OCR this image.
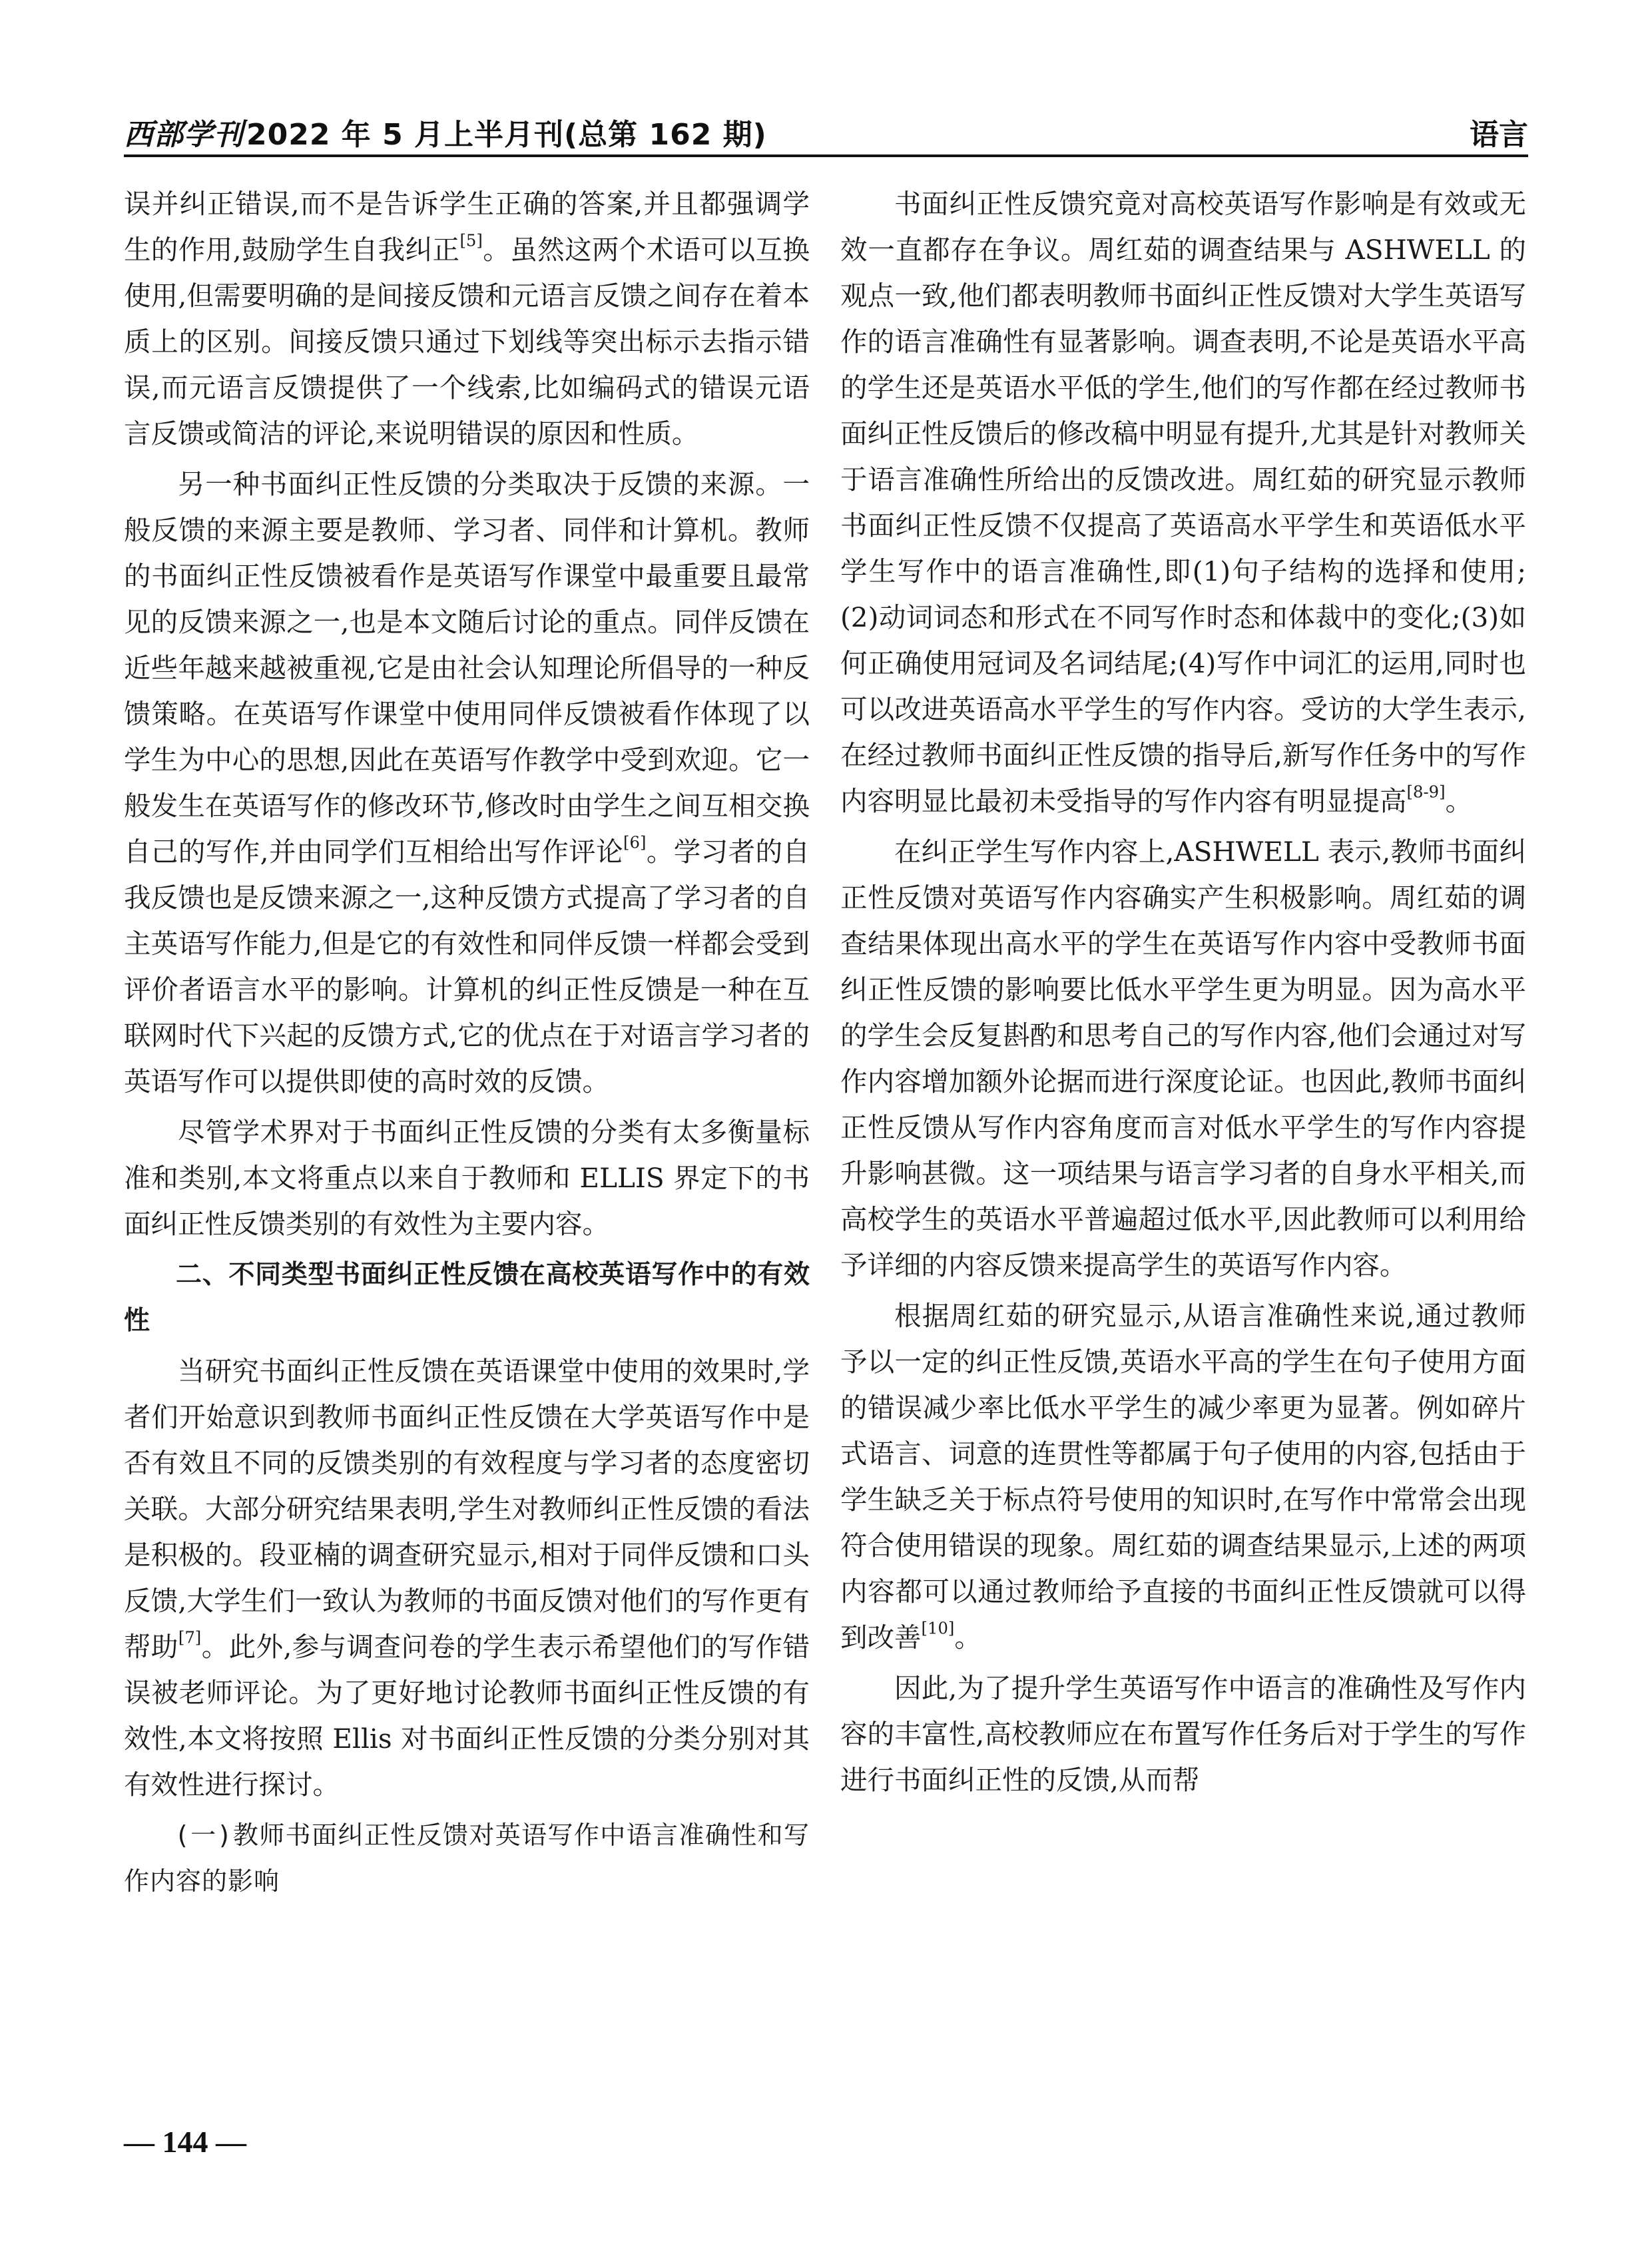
西部学刊2022 年 5 月上半月刊(总第 162 期)	语言

误并纠正错误,而不是告诉学生正确的答案,并且都强调学生的作用,鼓励学生自我纠正[5]。虽然这两个术语可以互换使用,但需要明确的是间接反馈和元语言反馈之间存在着本质上的区别。间接反馈只通过下划线等突出标示去指示错误,而元语言反馈提供了一个线索,比如编码式的错误元语言反馈或简洁的评论,来说明错误的原因和性质。

另一种书面纠正性反馈的分类取决于反馈的来源。一般反馈的来源主要是教师、学习者、同伴和计算机。教师的书面纠正性反馈被看作是英语写作课堂中最重要且最常见的反馈来源之一,也是本文随后讨论的重点。同伴反馈在近些年越来越被重视,它是由社会认知理论所倡导的一种反馈策略。在英语写作课堂中使用同伴反馈被看作体现了以学生为中心的思想,因此在英语写作教学中受到欢迎。它一般发生在英语写作的修改环节,修改时由学生之间互相交换自己的写作,并由同学们互相给出写作评论[6]。学习者的自我反馈也是反馈来源之一,这种反馈方式提高了学习者的自主英语写作能力,但是它的有效性和同伴反馈一样都会受到评价者语言水平的影响。计算机的纠正性反馈是一种在互联网时代下兴起的反馈方式,它的优点在于对语言学习者的英语写作可以提供即使的高时效的反馈。

尽管学术界对于书面纠正性反馈的分类有太多衡量标准和类别,本文将重点以来自于教师和 ELLIS 界定下的书面纠正性反馈类别的有效性为主要内容。

二、不同类型书面纠正性反馈在高校英语写作中的有效性

当研究书面纠正性反馈在英语课堂中使用的效果时,学者们开始意识到教师书面纠正性反馈在大学英语写作中是否有效且不同的反馈类别的有效程度与学习者的态度密切关联。大部分研究结果表明,学生对教师纠正性反馈的看法是积极的。段亚楠的调查研究显示,相对于同伴反馈和口头反馈,大学生们一致认为教师的书面反馈对他们的写作更有帮助[7]。此外,参与调查问卷的学生表示希望他们的写作错误被老师评论。为了更好地讨论教师书面纠正性反馈的有效性,本文将按照 Ellis 对书面纠正性反馈的分类分别对其有效性进行探讨。

(一)教师书面纠正性反馈对英语写作中语言准确性和写作内容的影响

书面纠正性反馈究竟对高校英语写作影响是有效或无效一直都存在争议。周红茹的调查结果与 ASHWELL 的观点一致,他们都表明教师书面纠正性反馈对大学生英语写作的语言准确性有显著影响。调查表明,不论是英语水平高的学生还是英语水平低的学生,他们的写作都在经过教师书面纠正性反馈后的修改稿中明显有提升,尤其是针对教师关于语言准确性所给出的反馈改进。周红茹的研究显示教师书面纠正性反馈不仅提高了英语高水平学生和英语低水平学生写作中的语言准确性,即(1)句子结构的选择和使用;(2)动词词态和形式在不同写作时态和体裁中的变化;(3)如何正确使用冠词及名词结尾;(4)写作中词汇的运用,同时也可以改进英语高水平学生的写作内容。受访的大学生表示,在经过教师书面纠正性反馈的指导后,新写作任务中的写作内容明显比最初未受指导的写作内容有明显提高[8-9]。

在纠正学生写作内容上,ASHWELL 表示,教师书面纠正性反馈对英语写作内容确实产生积极影响。周红茹的调查结果体现出高水平的学生在英语写作内容中受教师书面纠正性反馈的影响要比低水平学生更为明显。因为高水平的学生会反复斟酌和思考自己的写作内容,他们会通过对写作内容增加额外论据而进行深度论证。也因此,教师书面纠正性反馈从写作内容角度而言对低水平学生的写作内容提升影响甚微。这一项结果与语言学习者的自身水平相关,而高校学生的英语水平普遍超过低水平,因此教师可以利用给予详细的内容反馈来提高学生的英语写作内容。

根据周红茹的研究显示,从语言准确性来说,通过教师予以一定的纠正性反馈,英语水平高的学生在句子使用方面的错误减少率比低水平学生的减少率更为显著。例如碎片式语言、词意的连贯性等都属于句子使用的内容,包括由于学生缺乏关于标点符号使用的知识时,在写作中常常会出现符合使用错误的现象。周红茹的调查结果显示,上述的两项内容都可以通过教师给予直接的书面纠正性反馈就可以得到改善[10]。

因此,为了提升学生英语写作中语言的准确性及写作内容的丰富性,高校教师应在布置写作任务后对于学生的写作进行书面纠正性的反馈,从而帮

— 144 —
